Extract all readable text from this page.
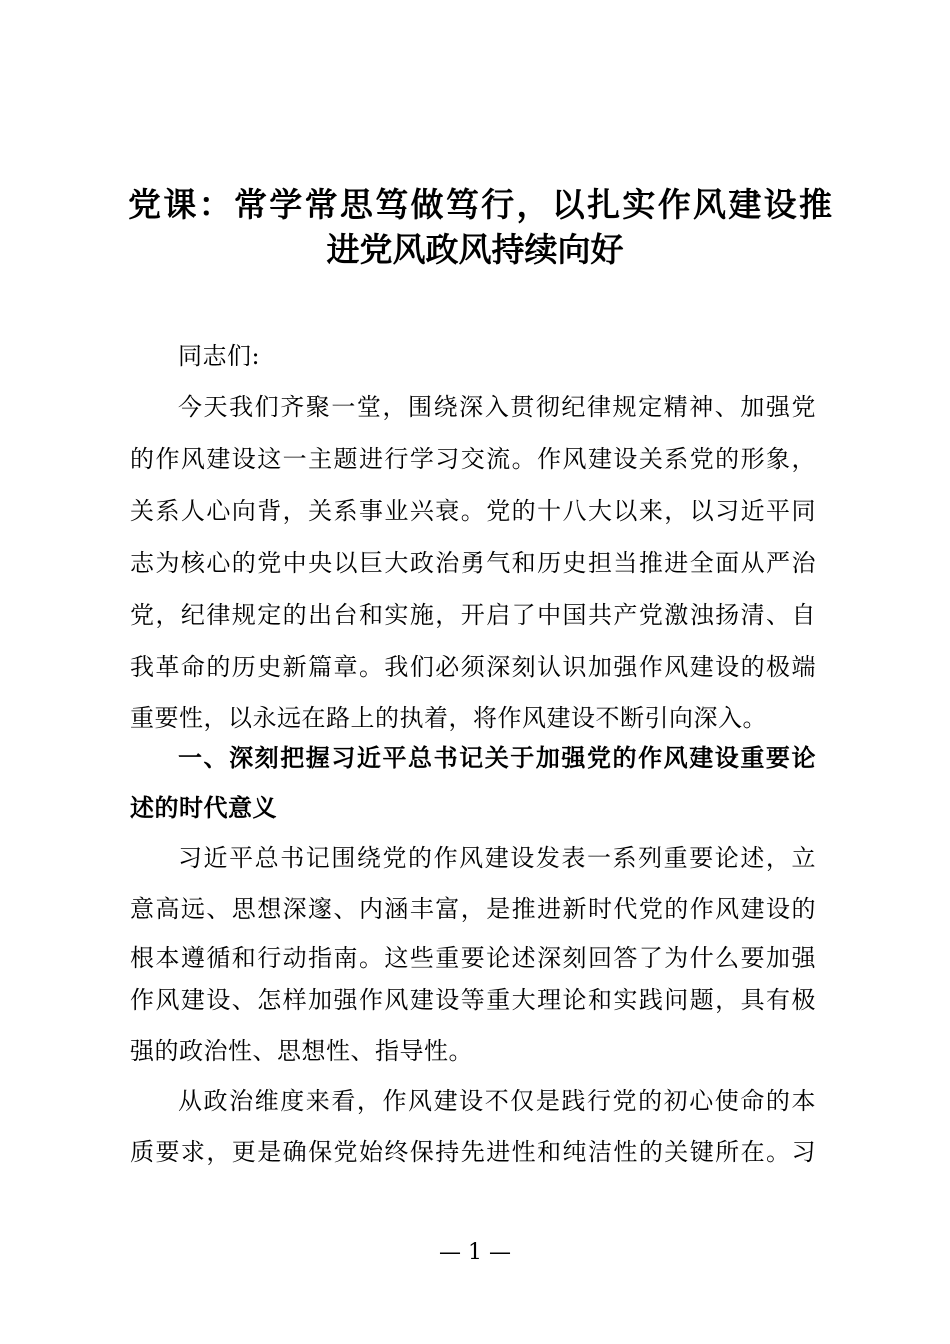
党课：常学常思笃做笃行，以扎实作风建设推
进党风政风持续向好
同志们:
今天我们齐聚一堂，围绕深入贯彻纪律规定精神、加强党
的作风建设这一主题进行学习交流。作风建设关系党的形象，
关系人心向背，关系事业兴衰。党的十八大以来，以习近平同
志为核心的党中央以巨大政治勇气和历史担当推进全面从严治
党，纪律规定的出台和实施，开启了中国共产党激浊扬清、自
我革命的历史新篇章。我们必须深刻认识加强作风建设的极端
重要性，以永远在路上的执着，将作风建设不断引向深入。
一、深刻把握习近平总书记关于加强党的作风建设重要论
述的时代意义
习近平总书记围绕党的作风建设发表一系列重要论述，立
意高远、思想深邃、内涵丰富，是推进新时代党的作风建设的
根本遵循和行动指南。这些重要论述深刻回答了为什么要加强
作风建设、怎样加强作风建设等重大理论和实践问题，具有极
强的政治性、思想性、指导性。
从政治维度来看，作风建设不仅是践行党的初心使命的本
质要求，更是确保党始终保持先进性和纯洁性的关键所在。习
— 1 —
